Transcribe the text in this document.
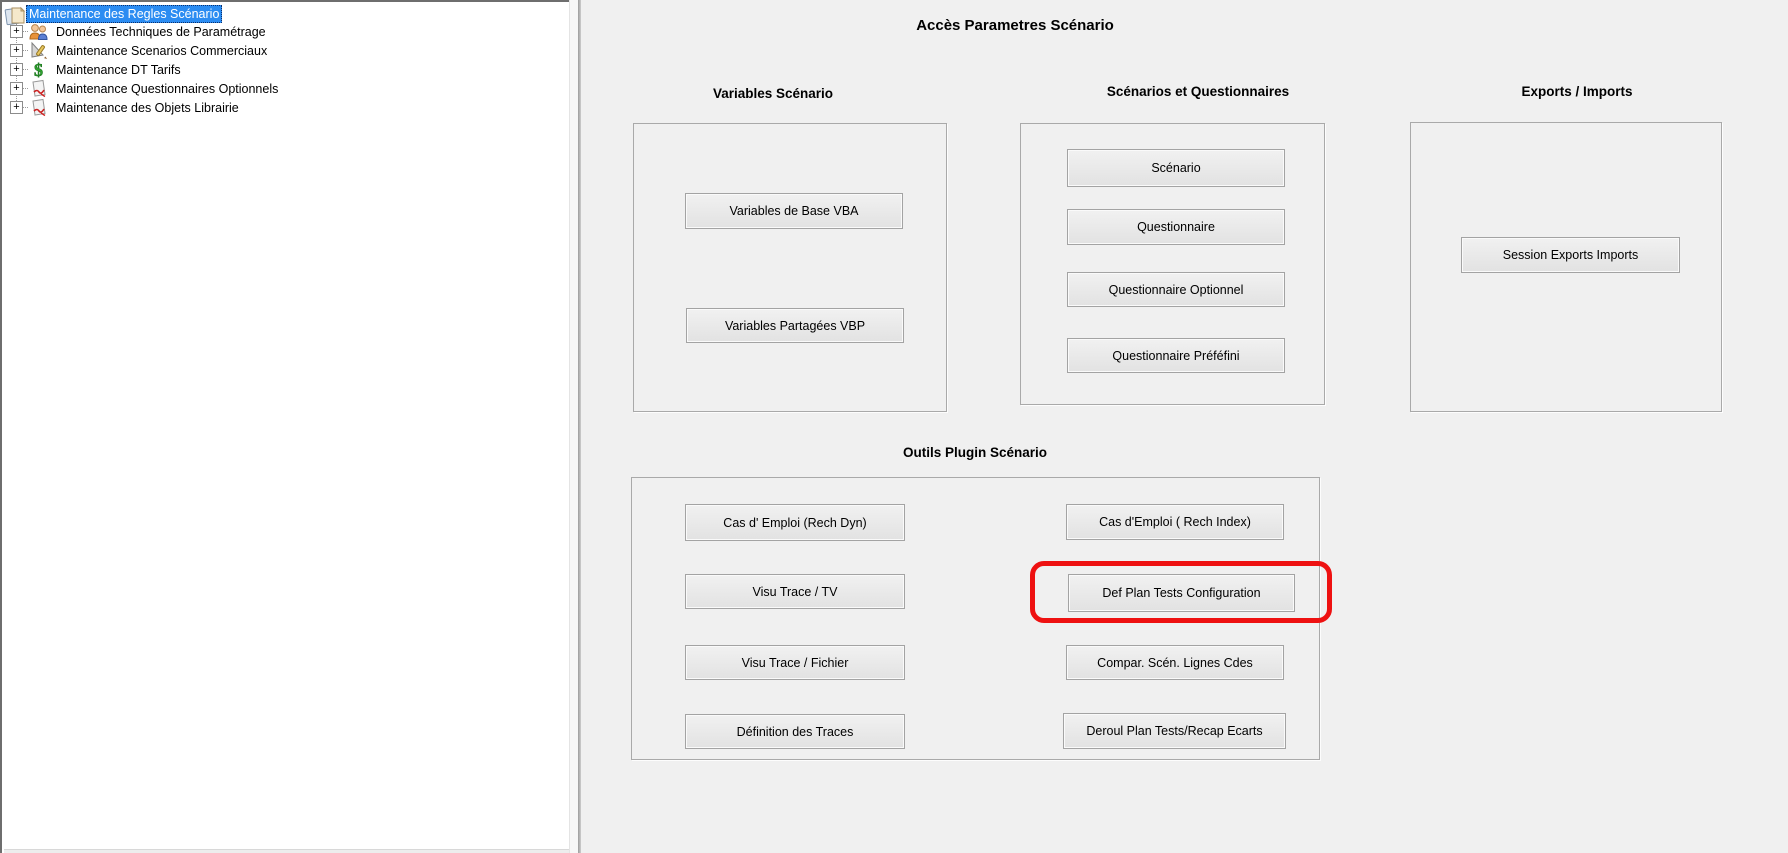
Maintenance des Regles Scénario
+	Données Techniques de Paramétrage
+	Maintenance Scenarios Commerciaux
+ $ Maintenance DT Tarifs
+	Maintenance Questionnaires Optionnels
+	Maintenance des Objets Librairie
Accès Parametres Scénario
Variables Scénario	Scénarios et Questionnaires	Exports / Imports
Outils Plugin Scénario
Variables de Base VBA
Variables Partagées VBP
Scénario
Questionnaire
Questionnaire Optionnel
Questionnaire Préféfini
Session Exports Imports
Cas d' Emploi (Rech Dyn)
Visu Trace / TV
Visu Trace / Fichier
Définition des Traces
Cas d'Emploi ( Rech Index)
Def Plan Tests Configuration
Compar. Scén. Lignes Cdes
Deroul Plan Tests/Recap Ecarts
